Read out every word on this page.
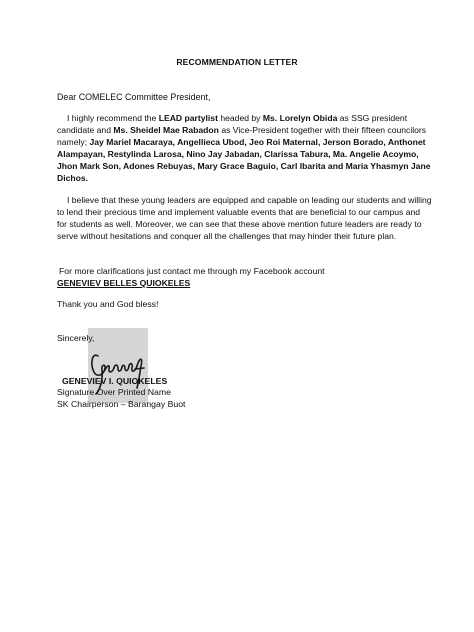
RECOMMENDATION LETTER
Dear COMELEC Committee President,
I highly recommend the LEAD partylist headed by Ms. Lorelyn Obida as SSG president candidate and Ms. Sheidel Mae Rabadon as Vice-President together with their fifteen councilors namely; Jay Mariel Macaraya, Angellieca Ubod, Jeo Roi Maternal, Jerson Borado, Anthonet Alampayan, Restylinda Larosa, Nino Jay Jabadan, Clarissa Tabura, Ma. Angelie Acoymo, Jhon Mark Son, Adones Rebuyas, Mary Grace Baguio, Carl Ibarita and Maria Yhasmyn Jane Dichos.
I believe that these young leaders are equipped and capable on leading our students and willing to lend their precious time and implement valuable events that are beneficial to our campus and for students as well. Moreover, we can see that these above mention future leaders are ready to serve without hesitations and conquer all the challenges that may hinder their future plan.
For more clarifications just contact me through my Facebook account
GENEVIEV BELLES QUIOKELES
Thank you and God bless!
Sincerely,
GENEVIEV I. QUIOKELES
Signature Over Printed Name
SK Chairperson – Barangay Buot
